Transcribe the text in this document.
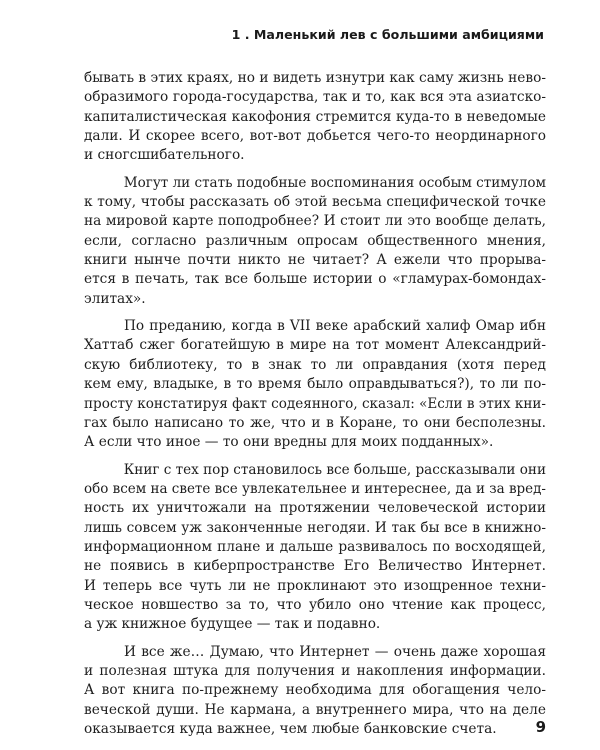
1 . Маленький лев с большими амбициями
бывать в этих краях, но и видеть изнутри как саму жизнь нево-
образимого города-государства, так и то, как вся эта азиатско-
капиталистическая какофония стремится куда-то в неведомые
дали. И скорее всего, вот-вот добьется чего-то неординарного
и сногсшибательного.
Могут ли стать подобные воспоминания особым стимулом
к тому, чтобы рассказать об этой весьма специфической точке
на мировой карте поподробнее? И стоит ли это вообще делать,
если, согласно различным опросам общественного мнения,
книги нынче почти никто не читает? А ежели что прорыва-
ется в печать, так все больше истории о «гламурах-бомондах-
элитах».
По преданию, когда в VII веке арабский халиф Омар ибн
Хаттаб сжег богатейшую в мире на тот момент Александрий-
скую библиотеку, то в знак то ли оправдания (хотя перед
кем ему, владыке, в то время было оправдываться?), то ли по-
просту констатируя факт содеянного, сказал: «Если в этих кни-
гах было написано то же, что и в Коране, то они бесполезны.
А если что иное — то они вредны для моих подданных».
Книг с тех пор становилось все больше, рассказывали они
обо всем на свете все увлекательнее и интереснее, да и за вред-
ность их уничтожали на протяжении человеческой истории
лишь совсем уж законченные негодяи. И так бы все в книжно-
информационном плане и дальше развивалось по восходящей,
не появись в киберпространстве Его Величество Интернет.
И теперь все чуть ли не проклинают это изощренное техни-
ческое новшество за то, что убило оно чтение как процесс,
а уж книжное будущее — так и подавно.
И все же… Думаю, что Интернет — очень даже хорошая
и полезная штука для получения и накопления информации.
А вот книга по-прежнему необходима для обогащения чело-
веческой души. Не кармана, а внутреннего мира, что на деле
оказывается куда важнее, чем любые банковские счета.	9
